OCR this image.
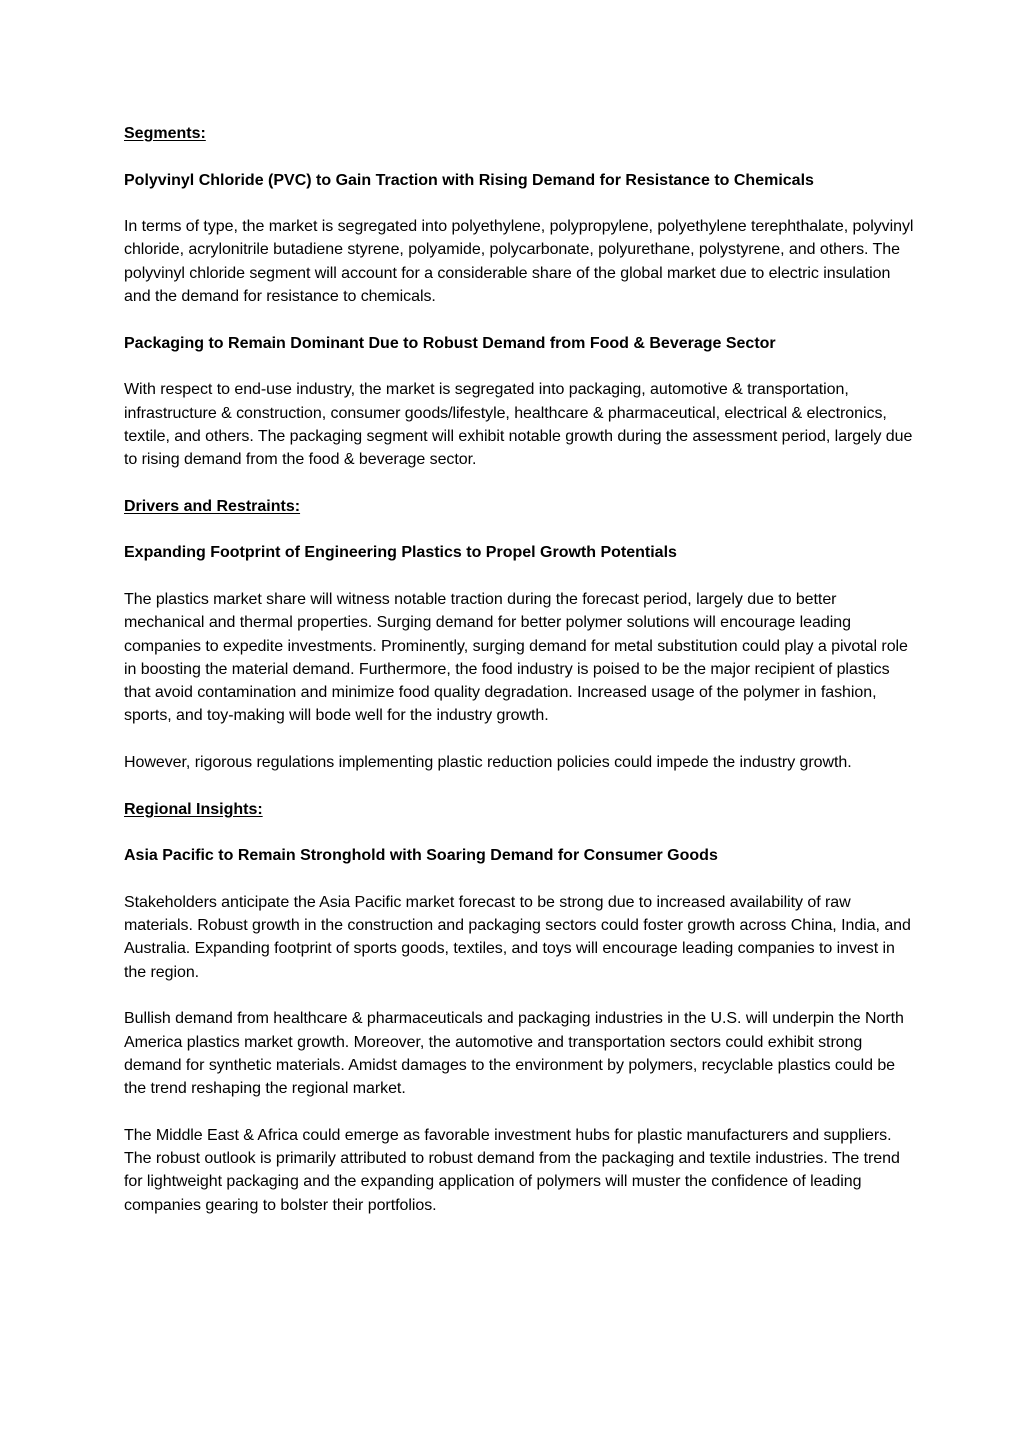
Segments:
Polyvinyl Chloride (PVC) to Gain Traction with Rising Demand for Resistance to Chemicals
In terms of type, the market is segregated into polyethylene, polypropylene, polyethylene terephthalate, polyvinyl chloride, acrylonitrile butadiene styrene, polyamide, polycarbonate, polyurethane, polystyrene, and others. The polyvinyl chloride segment will account for a considerable share of the global market due to electric insulation and the demand for resistance to chemicals.
Packaging to Remain Dominant Due to Robust Demand from Food & Beverage Sector
With respect to end-use industry, the market is segregated into packaging, automotive & transportation, infrastructure & construction, consumer goods/lifestyle, healthcare & pharmaceutical, electrical & electronics, textile, and others. The packaging segment will exhibit notable growth during the assessment period, largely due to rising demand from the food & beverage sector.
Drivers and Restraints:
Expanding Footprint of Engineering Plastics to Propel Growth Potentials
The plastics market share will witness notable traction during the forecast period, largely due to better mechanical and thermal properties. Surging demand for better polymer solutions will encourage leading companies to expedite investments. Prominently, surging demand for metal substitution could play a pivotal role in boosting the material demand. Furthermore, the food industry is poised to be the major recipient of plastics that avoid contamination and minimize food quality degradation. Increased usage of the polymer in fashion, sports, and toy-making will bode well for the industry growth.
However, rigorous regulations implementing plastic reduction policies could impede the industry growth.
Regional Insights:
Asia Pacific to Remain Stronghold with Soaring Demand for Consumer Goods
Stakeholders anticipate the Asia Pacific market forecast to be strong due to increased availability of raw materials. Robust growth in the construction and packaging sectors could foster growth across China, India, and Australia. Expanding footprint of sports goods, textiles, and toys will encourage leading companies to invest in the region.
Bullish demand from healthcare & pharmaceuticals and packaging industries in the U.S. will underpin the North America plastics market growth. Moreover, the automotive and transportation sectors could exhibit strong demand for synthetic materials. Amidst damages to the environment by polymers, recyclable plastics could be the trend reshaping the regional market.
The Middle East & Africa could emerge as favorable investment hubs for plastic manufacturers and suppliers. The robust outlook is primarily attributed to robust demand from the packaging and textile industries. The trend for lightweight packaging and the expanding application of polymers will muster the confidence of leading companies gearing to bolster their portfolios.
